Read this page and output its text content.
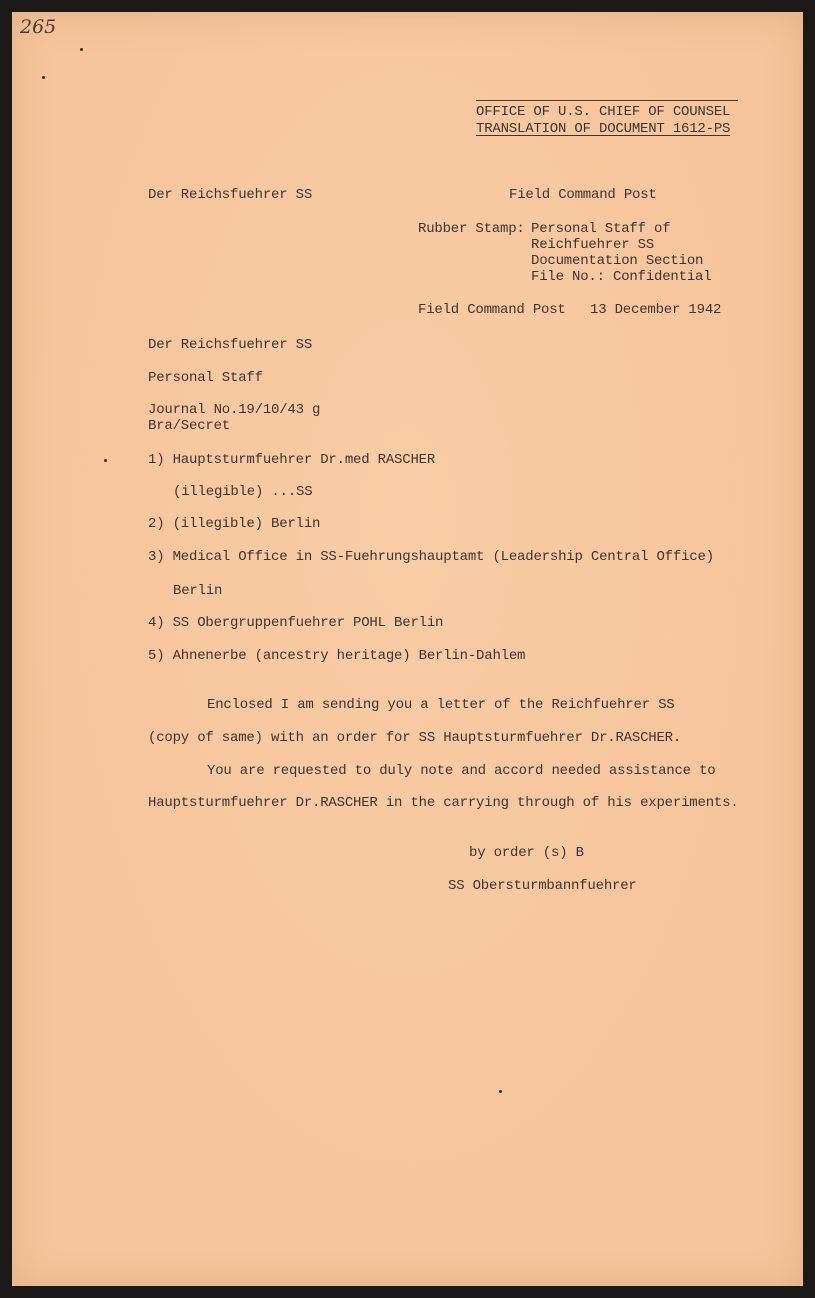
265
OFFICE OF U.S. CHIEF OF COUNSEL
TRANSLATION OF DOCUMENT 1612-PS
Der Reichsfuehrer SS	Field Command Post
Rubber Stamp: Personal Staff of
Reichfuehrer SS
Documentation Section
File No.: Confidential
Field Command Post 13 December 1942
Der Reichsfuehrer SS
Personal Staff
Journal No.19/10/43 g
Bra/Secret
1) Hauptsturmfuehrer Dr.med RASCHER
(illegible) ...SS
2) (illegible) Berlin
3) Medical Office in SS-Fuehrungshauptamt (Leadership Central Office)
Berlin
4) SS Obergruppenfuehrer POHL Berlin
5) Ahnenerbe (ancestry heritage) Berlin-Dahlem
Enclosed I am sending you a letter of the Reichfuehrer SS
(copy of same) with an order for SS Hauptsturmfuehrer Dr.RASCHER.
You are requested to duly note and accord needed assistance to
Hauptsturmfuehrer Dr.RASCHER in the carrying through of his experiments.
by order (s) B
SS Obersturmbannfuehrer
